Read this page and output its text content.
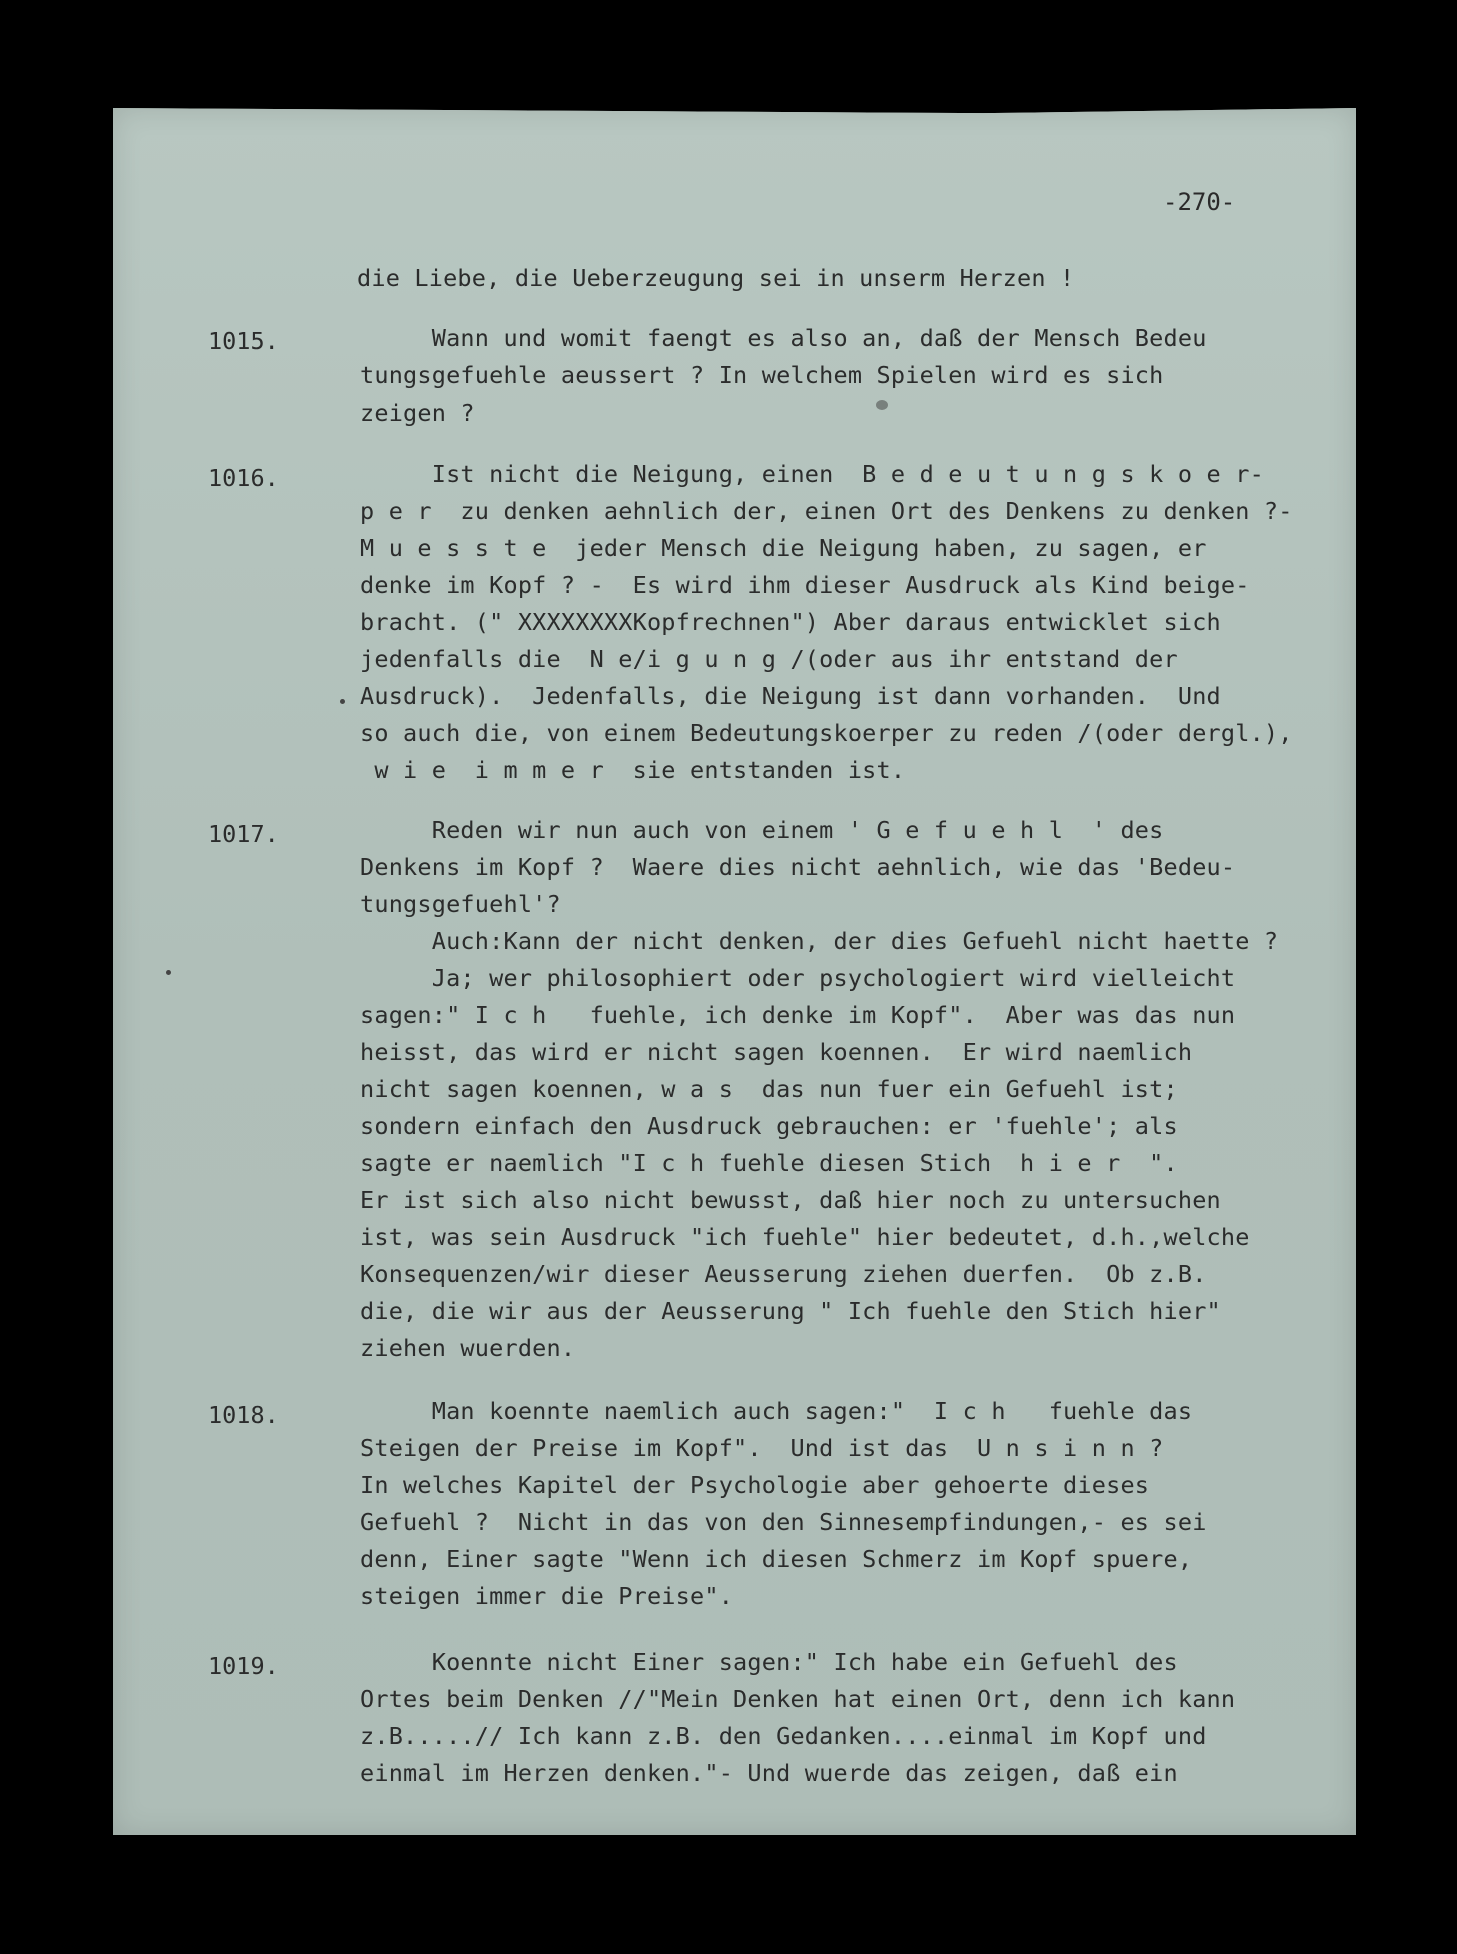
-270-
die Liebe, die Ueberzeugung sei in unserm Herzen !
1015.	Wann und womit faengt es also an, daß der Mensch Bedeu
tungsgefuehle aeussert ? In welchem Spielen wird es sich
zeigen ?
1016.	Ist nicht die Neigung, einen  B e d e u t u n g s k o e r-
p e r  zu denken aehnlich der, einen Ort des Denkens zu denken ?-
M u e s s t e  jeder Mensch die Neigung haben, zu sagen, er
denke im Kopf ? -  Es wird ihm dieser Ausdruck als Kind beige-
bracht. (" XXXXXXXXKopfrechnen") Aber daraus entwicklet sich
jedenfalls die  N e/i g u n g /(oder aus ihr entstand der
Ausdruck).  Jedenfalls, die Neigung ist dann vorhanden.  Und
so auch die, von einem Bedeutungskoerper zu reden /(oder dergl.),
w i e  i m m e r  sie entstanden ist.
1017.	Reden wir nun auch von einem ' G e f u e h l  ' des
Denkens im Kopf ?  Waere dies nicht aehnlich, wie das 'Bedeu-
tungsgefuehl'?
Auch:Kann der nicht denken, der dies Gefuehl nicht haette ?
Ja; wer philosophiert oder psychologiert wird vielleicht
sagen:" I c h   fuehle, ich denke im Kopf".  Aber was das nun
heisst, das wird er nicht sagen koennen.  Er wird naemlich
nicht sagen koennen, w a s  das nun fuer ein Gefuehl ist;
sondern einfach den Ausdruck gebrauchen: er 'fuehle'; als
sagte er naemlich "I c h fuehle diesen Stich  h i e r  ".
Er ist sich also nicht bewusst, daß hier noch zu untersuchen
ist, was sein Ausdruck "ich fuehle" hier bedeutet, d.h.,welche
Konsequenzen/wir dieser Aeusserung ziehen duerfen.  Ob z.B.
die, die wir aus der Aeusserung " Ich fuehle den Stich hier"
ziehen wuerden.
1018.	Man koennte naemlich auch sagen:"  I c h   fuehle das
Steigen der Preise im Kopf".  Und ist das  U n s i n n ?
In welches Kapitel der Psychologie aber gehoerte dieses
Gefuehl ?  Nicht in das von den Sinnesempfindungen,- es sei
denn, Einer sagte "Wenn ich diesen Schmerz im Kopf spuere,
steigen immer die Preise".
1019.	Koennte nicht Einer sagen:" Ich habe ein Gefuehl des
Ortes beim Denken //"Mein Denken hat einen Ort, denn ich kann
z.B.....// Ich kann z.B. den Gedanken....einmal im Kopf und
einmal im Herzen denken."- Und wuerde das zeigen, daß ein
